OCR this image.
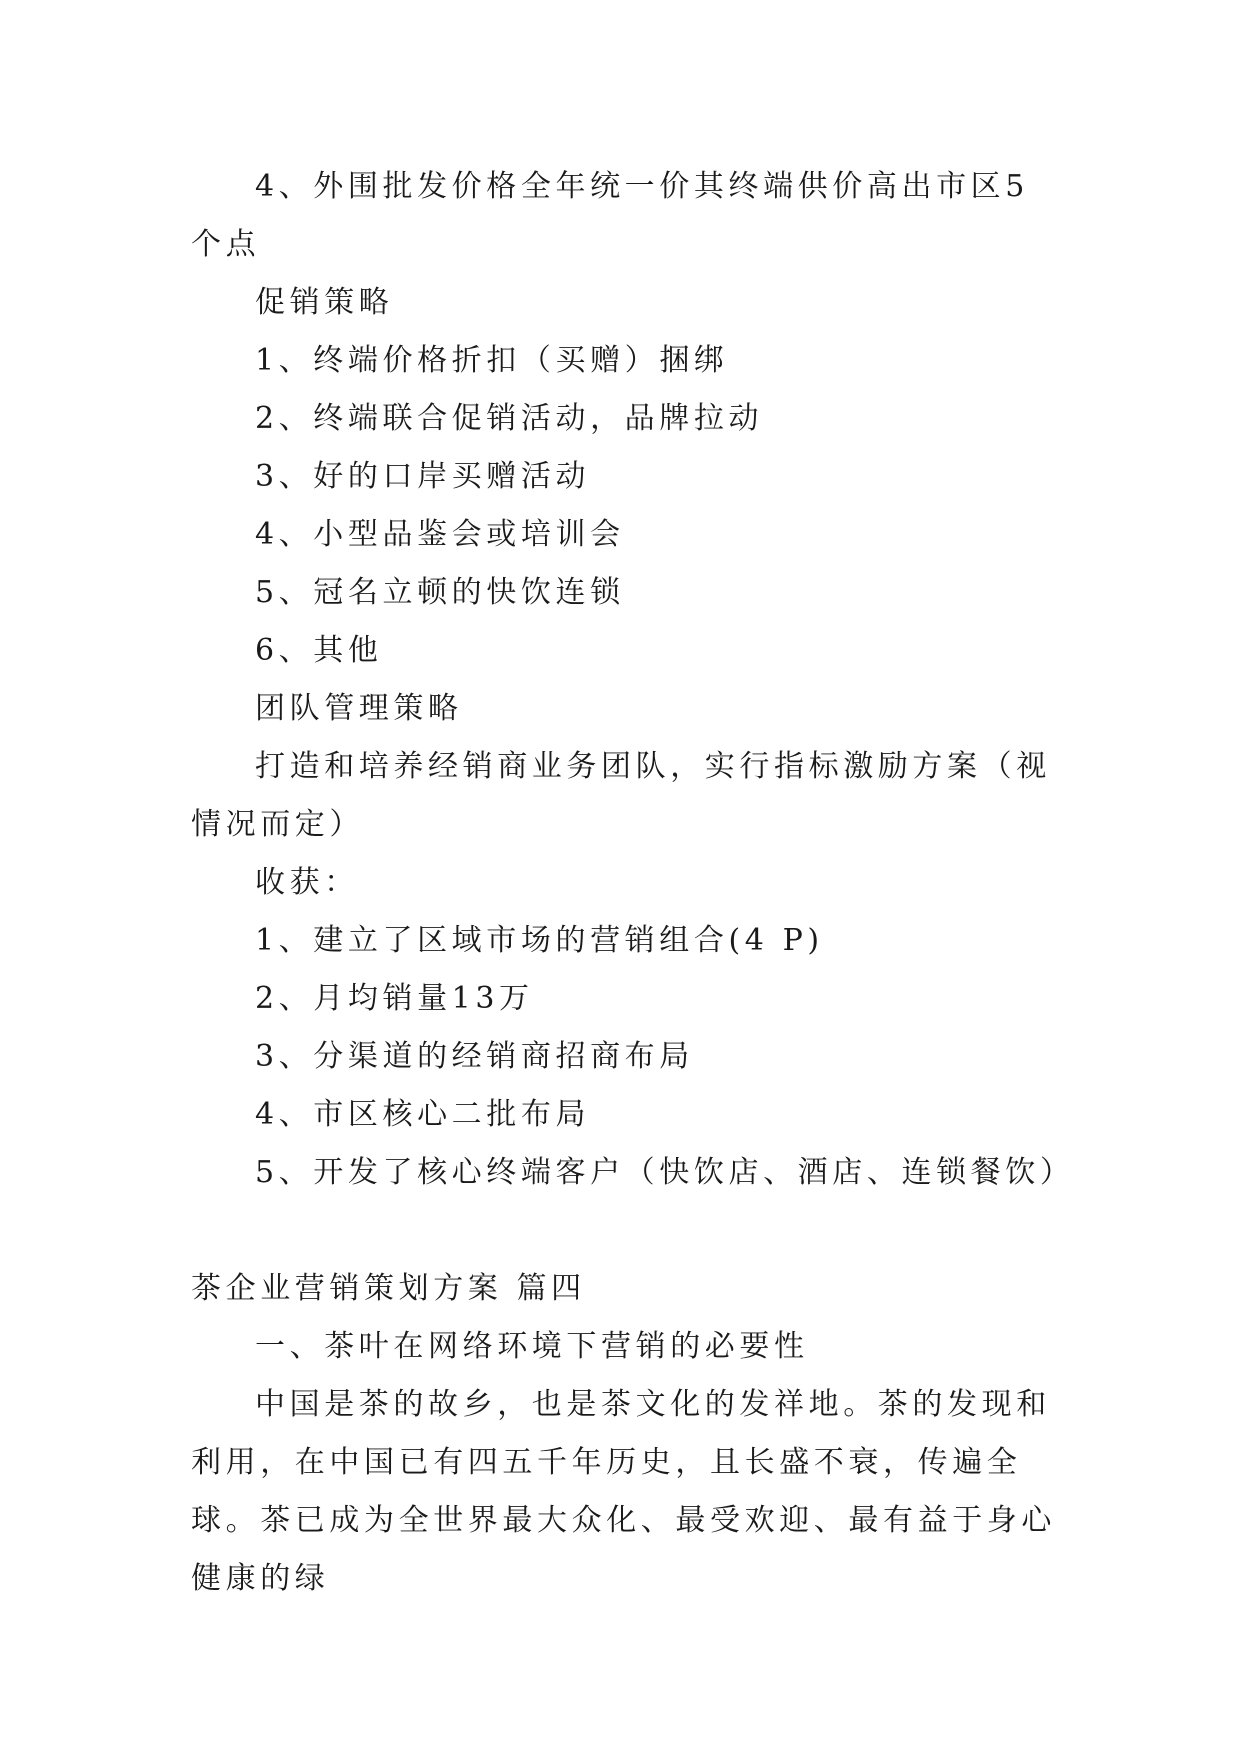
4、外围批发价格全年统一价其终端供价高出市区5个点

促销策略

1、终端价格折扣（买赠）捆绑

2、终端联合促销活动，品牌拉动

3、好的口岸买赠活动

4、小型品鉴会或培训会

5、冠名立顿的快饮连锁

6、其他

团队管理策略

打造和培养经销商业务团队，实行指标激励方案（视情况而定）

收获：

1、建立了区域市场的营销组合(4 P)

2、月均销量13万

3、分渠道的经销商招商布局

4、市区核心二批布局

5、开发了核心终端客户（快饮店、酒店、连锁餐饮）

茶企业营销策划方案 篇四

一、茶叶在网络环境下营销的必要性

中国是茶的故乡，也是茶文化的发祥地。茶的发现和利用，在中国已有四五千年历史，且长盛不衰，传遍全球。茶已成为全世界最大众化、最受欢迎、最有益于身心健康的绿
